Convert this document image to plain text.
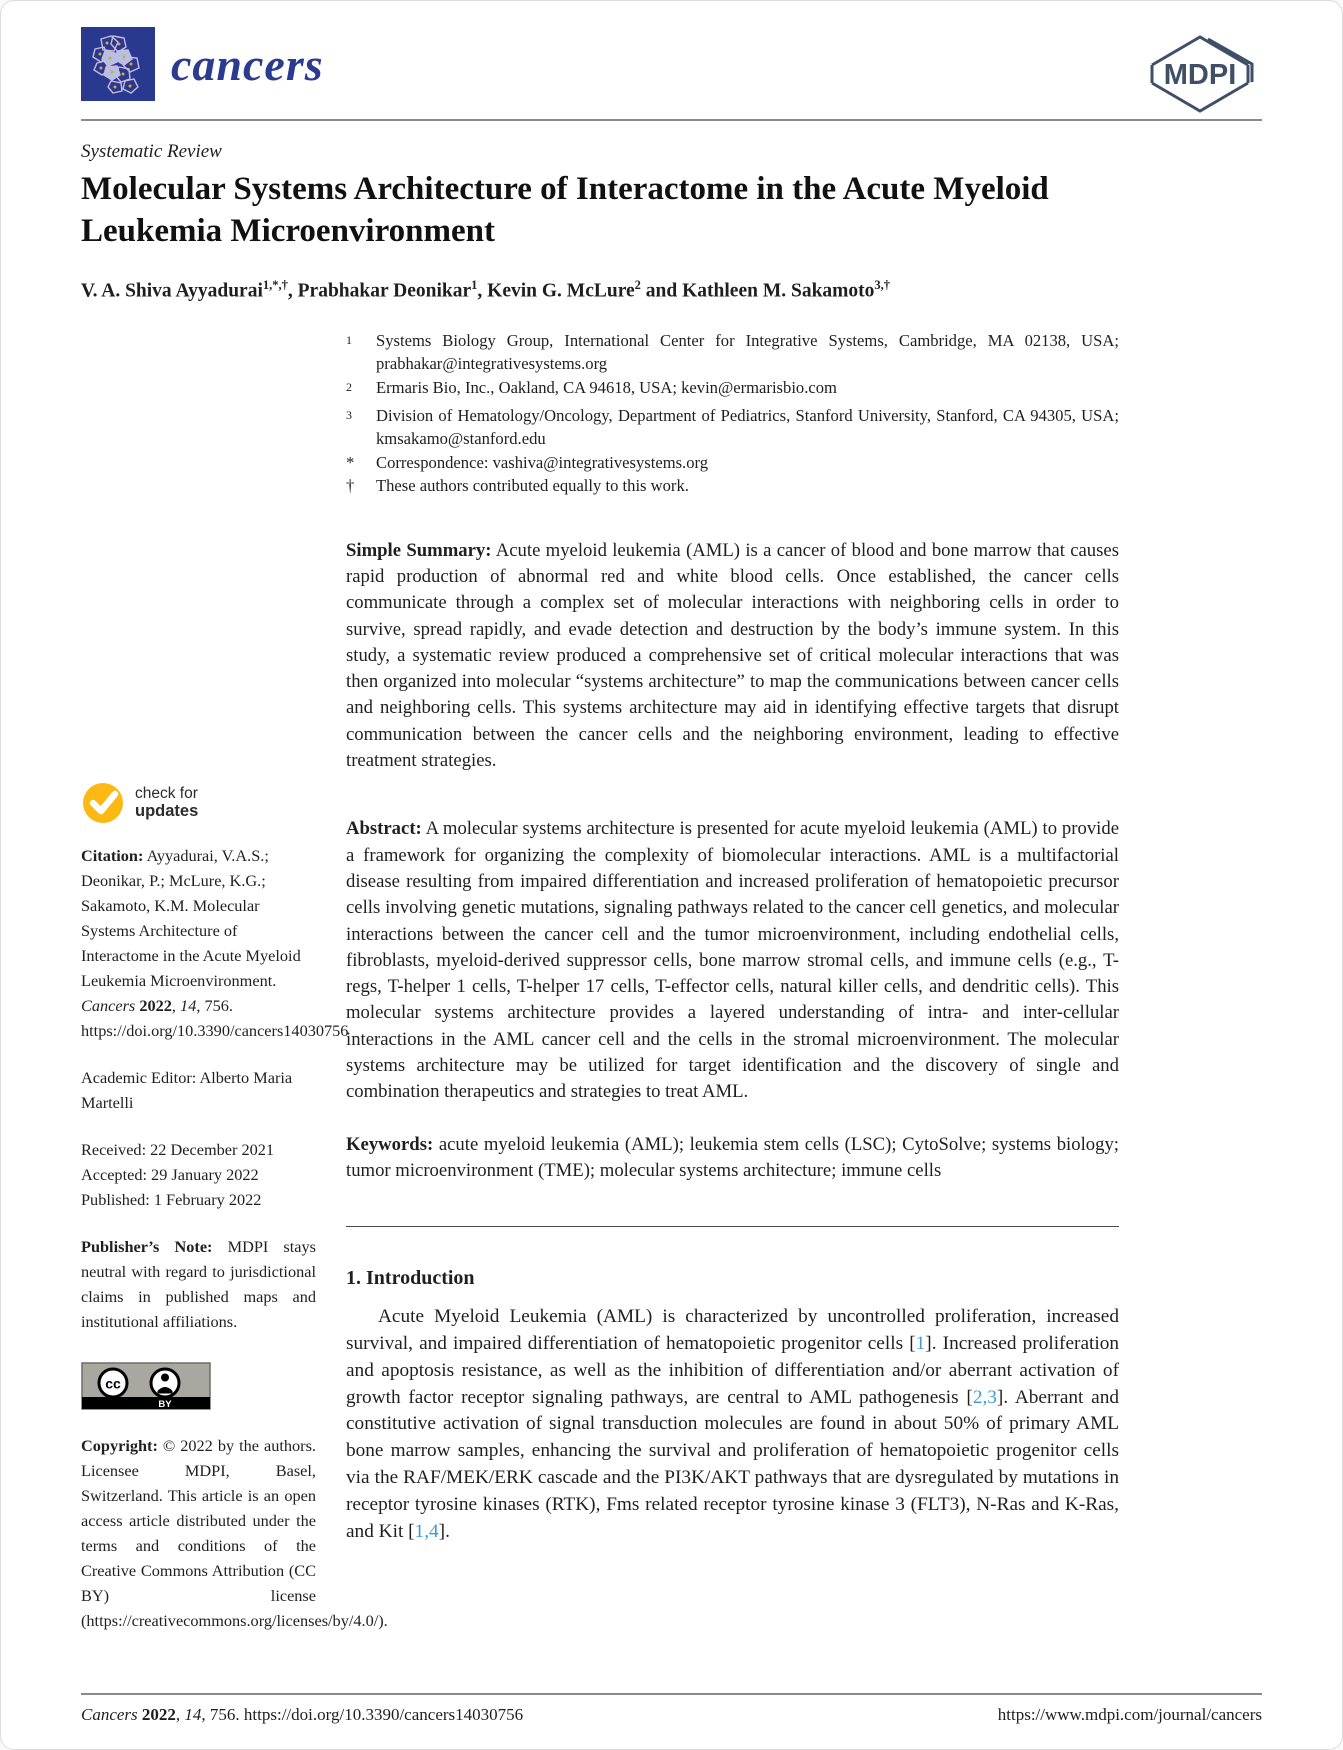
cancers	MDPI
Systematic Review
Molecular Systems Architecture of Interactome in the Acute Myeloid Leukemia Microenvironment
V. A. Shiva Ayyadurai$^{1,*,\dagger}$, Prabhakar Deonikar$^1$, Kevin G. McLure$^2$ and Kathleen M. Sakamoto$^{3,\dagger}$
check for
updates
Citation: Ayyadurai, V.A.S.; Deonikar, P.; McLure, K.G.; Sakamoto, K.M. Molecular Systems Architecture of Interactome in the Acute Myeloid Leukemia Microenvironment. Cancers 2022, 14, 756. https://doi.org/10.3390/cancers14030756
Academic Editor: Alberto Maria Martelli
Received: 22 December 2021
Accepted: 29 January 2022
Published: 1 February 2022
Publisher’s Note: MDPI stays neutral with regard to jurisdictional claims in published maps and institutional affiliations.
cc
BY
Copyright: © 2022 by the authors. Licensee MDPI, Basel, Switzerland. This article is an open access article distributed under the terms and conditions of the Creative Commons Attribution (CC BY) license (https://creativecommons.org/licenses/by/4.0/).
$^1$	Systems Biology Group, International Center for Integrative Systems, Cambridge, MA 02138, USA; prabhakar@integrativesystems.org
$^2$	Ermaris Bio, Inc., Oakland, CA 94618, USA; kevin@ermarisbio.com
$^3$	Division of Hematology/Oncology, Department of Pediatrics, Stanford University, Stanford, CA 94305, USA; kmsakamo@stanford.edu
*	Correspondence: vashiva@integrativesystems.org
†	These authors contributed equally to this work.
Simple Summary: Acute myeloid leukemia (AML) is a cancer of blood and bone marrow that causes rapid production of abnormal red and white blood cells. Once established, the cancer cells communicate through a complex set of molecular interactions with neighboring cells in order to survive, spread rapidly, and evade detection and destruction by the body’s immune system. In this study, a systematic review produced a comprehensive set of critical molecular interactions that was then organized into molecular “systems architecture” to map the communications between cancer cells and neighboring cells. This systems architecture may aid in identifying effective targets that disrupt communication between the cancer cells and the neighboring environment, leading to effective treatment strategies.
Abstract: A molecular systems architecture is presented for acute myeloid leukemia (AML) to provide a framework for organizing the complexity of biomolecular interactions. AML is a multifactorial disease resulting from impaired differentiation and increased proliferation of hematopoietic precursor cells involving genetic mutations, signaling pathways related to the cancer cell genetics, and molecular interactions between the cancer cell and the tumor microenvironment, including endothelial cells, fibroblasts, myeloid-derived suppressor cells, bone marrow stromal cells, and immune cells (e.g., T-regs, T-helper 1 cells, T-helper 17 cells, T-effector cells, natural killer cells, and dendritic cells). This molecular systems architecture provides a layered understanding of intra- and inter-cellular interactions in the AML cancer cell and the cells in the stromal microenvironment. The molecular systems architecture may be utilized for target identification and the discovery of single and combination therapeutics and strategies to treat AML.
Keywords: acute myeloid leukemia (AML); leukemia stem cells (LSC); CytoSolve; systems biology; tumor microenvironment (TME); molecular systems architecture; immune cells
1. Introduction
Acute Myeloid Leukemia (AML) is characterized by uncontrolled proliferation, increased survival, and impaired differentiation of hematopoietic progenitor cells [1]. Increased proliferation and apoptosis resistance, as well as the inhibition of differentiation and/or aberrant activation of growth factor receptor signaling pathways, are central to AML pathogenesis [2,3]. Aberrant and constitutive activation of signal transduction molecules are found in about 50% of primary AML bone marrow samples, enhancing the survival and proliferation of hematopoietic progenitor cells via the RAF/MEK/ERK cascade and the PI3K/AKT pathways that are dysregulated by mutations in receptor tyrosine kinases (RTK), Fms related receptor tyrosine kinase 3 (FLT3), N-Ras and K-Ras, and Kit [1,4].
Cancers 2022, 14, 756. https://doi.org/10.3390/cancers14030756	https://www.mdpi.com/journal/cancers
